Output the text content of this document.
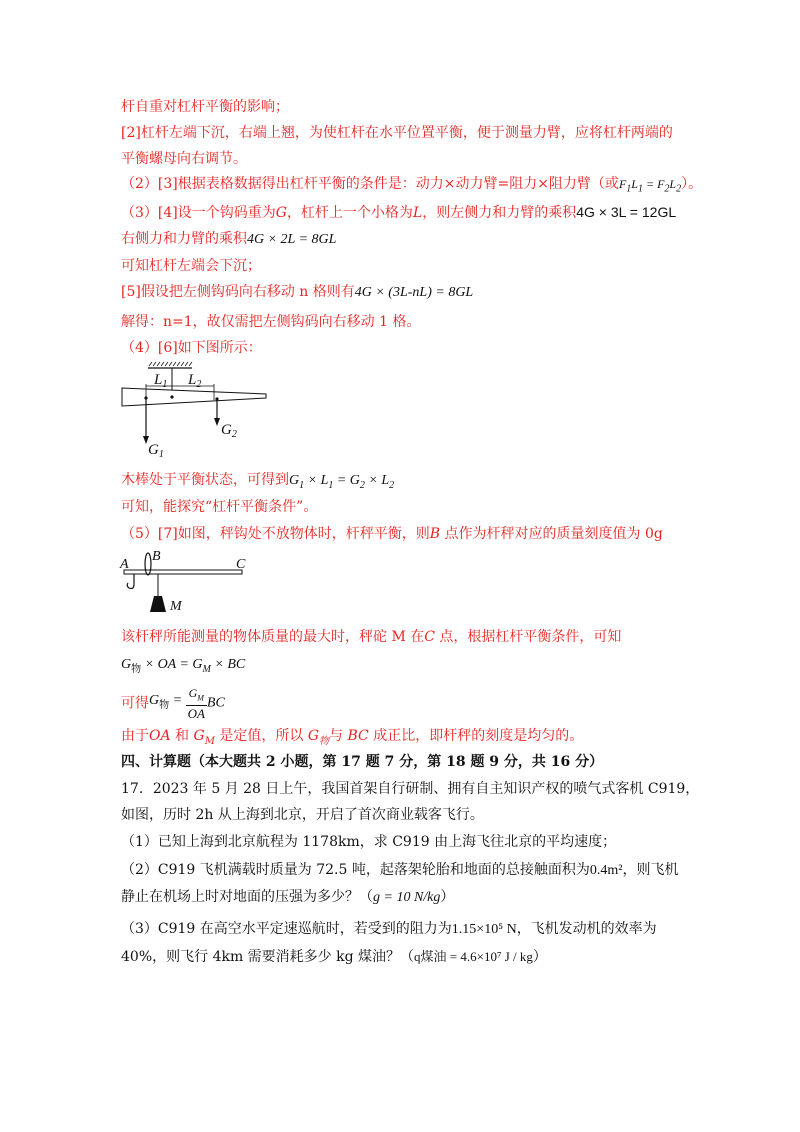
杆自重对杠杆平衡的影响；
[2]杠杆左端下沉，右端上翘，为使杠杆在水平位置平衡，便于测量力臂，应将杠杆两端的
平衡螺母向右调节。
（2）[3]根据表格数据得出杠杆平衡的条件是：动力×动力臂=阻力×阻力臂（或$F_1L_1 = F_2L_2$）。
（3）[4]设一个钩码重为G，杠杆上一个小格为L，则左侧力和力臂的乘积4G × 3L = 12GL
右侧力和力臂的乘积4G × 2L = 8GL
可知杠杆左端会下沉；
[5]假设把左侧钩码向右移动 n 格则有4G × (3L-nL) = 8GL
解得：n=1，故仅需把左侧钩码向右移动 1 格。
（4）[6]如下图所示：
$L_1$ $L_2$
$G_1$
$G_2$
木棒处于平衡状态，可得到$G_1 \times L_1 = G_2 \times L_2$
可知，能探究“杠杆平衡条件”。
（5）[7]如图，秤钩处不放物体时，杆秤平衡，则B 点作为杆秤对应的质量刻度值为 0g
A
B
C
M
该杆秤所能测量的物体质量的最大时，秤砣 M 在C 点，根据杠杆平衡条件，可知
$G_物$ × OA = $G_M$ × BC
可得$G_物 = \frac{G_M}{OA}$ BC
由于OA 和 $G_M$ 是定值，所以 $G_物$与 BC 成正比，即杆秤的刻度是均匀的。
四、计算题（本大题共 2 小题，第 17 题 7 分，第 18 题 9 分，共 16 分）
17．2023 年 5 月 28 日上午，我国首架自行研制、拥有自主知识产权的喷气式客机 C919，
如图，历时 2h 从上海到北京，开启了首次商业载客飞行。
（1）已知上海到北京航程为 1178km，求 C919 由上海飞往北京的平均速度；
（2）C919 飞机满载时质量为 72.5 吨，起落架轮胎和地面的总接触面积为0.4m²，则飞机
静止在机场上时对地面的压强为多少？（g = 10 N/kg）
（3）C919 在高空水平定速巡航时，若受到的阻力为1.15×10⁵ N，飞机发动机的效率为
40%，则飞行 4km 需要消耗多少 kg 煤油？（q煤油 = 4.6×10⁷ J / kg）
